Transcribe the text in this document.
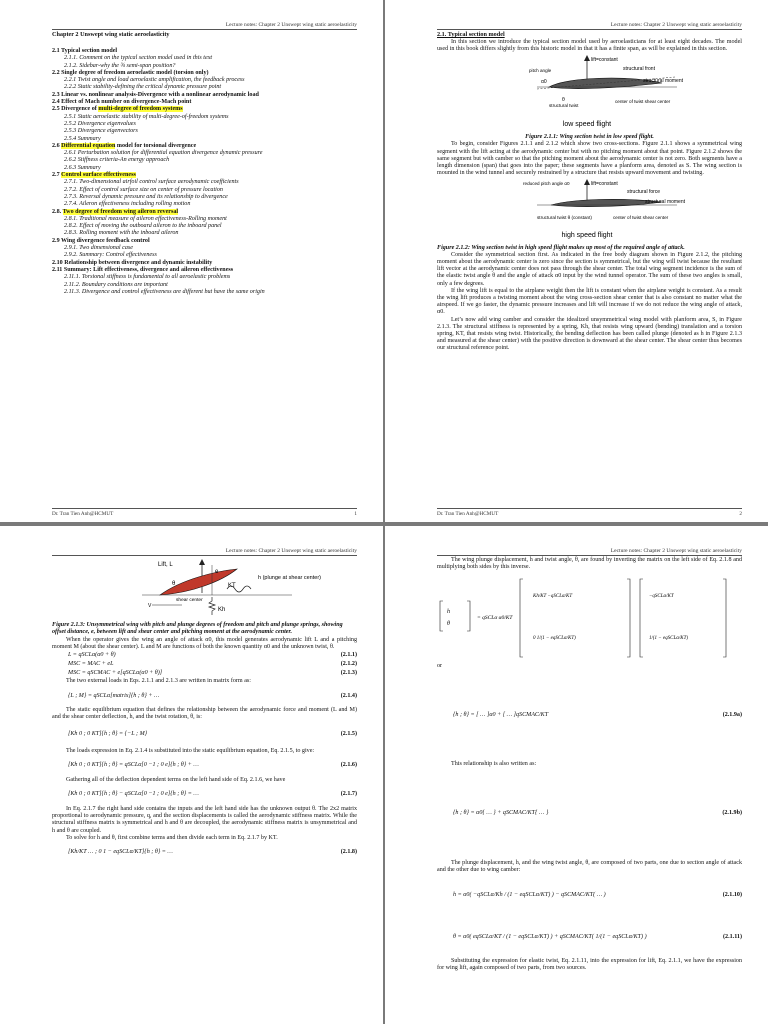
Lecture notes: Chapter 2 Unswept wing static aeroelasticity
Chapter 2 Unswept wing static aeroelasticity
2.1 Typical section model
2.1.1. Comment on the typical section model used in this text
2.1.2. Sidebar-why the ¾ semi-span position?
2.2 Single degree of freedom aeroelastic model (torsion only)
2.2.1 Twist angle and load aeroelastic amplification, the feedback process
2.2.2 Static stability-defining the critical dynamic pressure point
2.3 Linear vs. nonlinear analysis-Divergence with a nonlinear aerodynamic load
2.4 Effect of Mach number on divergence-Mach point
2.5 Divergence of multi-degree of freedom systems
2.5.1 Static aeroelastic stability of multi-degree-of-freedom systems
2.5.2 Divergence eigenvalues
2.5.3 Divergence eigenvectors
2.5.4 Summary
2.6 Differential equation model for torsional divergence
2.6.1 Perturbation solution for differential equation divergence dynamic pressure
2.6.2 Stiffness criteria-An energy approach
2.6.3 Summary
2.7 Control surface effectiveness
2.7.1. Two-dimensional airfoil control surface aerodynamic coefficients
2.7.2. Effect of control surface size on center of pressure location
2.7.3. Reversal dynamic pressure and its relationship to divergence
2.7.4. Aileron effectiveness including rolling motion
2.8. Two degree of freedom wing aileron reversal
2.8.1. Traditional measure of aileron effectiveness-Rolling moment
2.8.2. Effect of moving the outboard aileron to the inboard panel
2.8.3. Rolling moment with the inboard aileron
2.9 Wing divergence feedback control
2.9.1. Two dimensional case
2.9.2. Summary: Control effectiveness
2.10 Relationship between divergence and dynamic instability
2.11 Summary: Lift effectiveness, divergence and aileron effectiveness
2.11.1. Torsional stiffness is fundamental to all aeroelastic problems
2.11.2. Boundary conditions are important
2.11.3. Divergence and control effectiveness are different but have the same origin
Dr. Tran Tien Anh@HCMUT	1
Lecture notes: Chapter 2 Unswept wing static aeroelasticity
2.1. Typical section model

In this section we introduce the typical section model used by aeroelasticians for at least eight decades. The model used in this book differs slightly from this historic model in that it has a finite span, as will be explained in this section.

lift=constant
pitch angle
α0
structural front
structural moment
θ
structural twist
center of twist shear center
low speed flight
Figure 2.1.1: Wing section twist in low speed flight.

To begin, consider Figures 2.1.1 and 2.1.2 which show two cross-sections. Figure 2.1.1 shows a symmetrical wing segment with the lift acting at the aerodynamic center but with no pitching moment about that point. Figure 2.1.2 shows the same segment but with camber so that the pitching moment about the aerodynamic center is not zero. Both segments have a length dimension (span) that goes into the paper; these segments have a planform area, denoted as S. The wing section is mounted in the wind tunnel and securely restrained by a structure that resists upward movement and twisting.

lift=constant
reduced pitch angle α0
structural force
structural moment
structural twist θ (constant)	center of twist shear center
high speed flight
Figure 2.1.2: Wing section twist in high speed flight makes up most of the required angle of attack.

Consider the symmetrical section first. As indicated in the free body diagram shown in Figure 2.1.2, the pitching moment about the aerodynamic center is zero since the section is symmetrical, but the wing will twist because the resultant lift vector at the aerodynamic center does not pass through the shear center. The total wing segment incidence is the sum of the elastic twist angle θ and the angle of attack α0 input by the wind tunnel operator. The sum of these two angles is small, only a few degrees.

If the wing lift is equal to the airplane weight then the lift is constant when the airplane weight is constant. As a result the wing lift produces a twisting moment about the wing cross-section shear center that is also constant no matter what the airspeed. If we go faster, the dynamic pressure increases and lift will increase if we do not reduce the wing angle of attack, α0.

Let’s now add wing camber and consider the idealized unsymmetrical wing model with planform area, S, in Figure 2.1.3. The structural stiffness is represented by a spring, Kh, that resists wing upward (bending) translation and a torsion spring, KT, that resists wing twist. Historically, the bending deflection has been called plunge (denoted as h in Figure 2.1.3 and measured at the shear center) with the positive direction is downward at the shear center. The shear center thus becomes our structural reference point.

Dr. Tran Tien Anh@HCMUT	2
Lecture notes: Chapter 2 Unswept wing static aeroelasticity
Lift, L
e
θ	KT
Kh
h (plunge at shear center)
V
shear center
Figure 2.1.3: Unsymmetrical wing with pitch and plunge degrees of freedom and pitch and plunge springs, showing offset distance, e, between lift and shear center and pitching moment at the aerodynamic center.

When the operator gives the wing an angle of attack α0, this model generates aerodynamic lift L and a pitching moment M (about the shear center). L and M are functions of both the known quantity α0 and the unknown twist, θ.

L = qSCLα(α0 + θ)	(2.1.1)
MSC = MAC + eL	(2.1.2)
MSC = qSCMAC + e[qSCLα(α0 + θ)]	(2.1.3)

The two external loads in Eqs. 2.1.1 and 2.1.3 are written in matrix form as:

{L ; M} = qSCLα[matrix]{h ; θ} + …	(2.1.4)

The static equilibrium equation that defines the relationship between the aerodynamic force and moment (L and M) and the shear center deflection, h, and the twist rotation, θ, is:

[Kh 0 ; 0 KT]{h ; θ} = {−L ; M}	(2.1.5)

The loads expression in Eq. 2.1.4 is substituted into the static equilibrium equation, Eq. 2.1.5, to give:

[Kh 0 ; 0 KT]{h ; θ} = qSCLα[0 −1 ; 0 e]{h ; θ} + …	(2.1.6)

Gathering all of the deflection dependent terms on the left hand side of Eq. 2.1.6, we have

[Kh 0 ; 0 KT]{h ; θ} − qSCLα[0 −1 ; 0 e]{h ; θ} = …	(2.1.7)

In Eq. 2.1.7 the right hand side contains the inputs and the left hand side has the unknown output θ. The 2x2 matrix proportional to aerodynamic pressure, q, and the section displacements is called the aerodynamic stiffness matrix. While the structural stiffness matrix is symmetrical and h and θ are decoupled, the aerodynamic stiffness matrix is unsymmetrical and h and θ are coupled.

To solve for h and θ, first combine terms and then divide each term in Eq. 2.1.7 by KT.

[Kh/KT … ; 0 1 − eqSCLα/KT]{h ; θ} = …	(2.1.8)
Lecture notes: Chapter 2 Unswept wing static aeroelasticity

The wing plunge displacement, h and twist angle, θ, are found by inverting the matrix on the left side of Eq. 2.1.8 and multiplying both sides by this inverse.

h
θ
= qSCLα α0/KT
Kh/KT −qSCLα/KT
0 1/(1 − eqSCLα/KT)
−qSCLα/KT
1/(1 − eqSCLα/KT)
or
{h ; θ} = [ … ]α0 + [ … ]qSCMAC/KT	(2.1.9a)

This relationship is also written as:

{h ; θ} = α0{ … } + qSCMAC/KT{ … }	(2.1.9b)

The plunge displacement, h, and the wing twist angle, θ, are composed of two parts, one due to section angle of attack and the other due to wing camber:

h = α0( −qSCLα/Kh / (1 − eqSCLα/KT) ) − qSCMAC/KT( … )	(2.1.10)
θ = α0( eqSCLα/KT / (1 − eqSCLα/KT) ) + qSCMAC/KT( 1/(1 − eqSCLα/KT) )	(2.1.11)

Substituting the expression for elastic twist, Eq. 2.1.11, into the expression for lift, Eq. 2.1.1, we have the expression for wing lift, again composed of two parts, from two sources.
